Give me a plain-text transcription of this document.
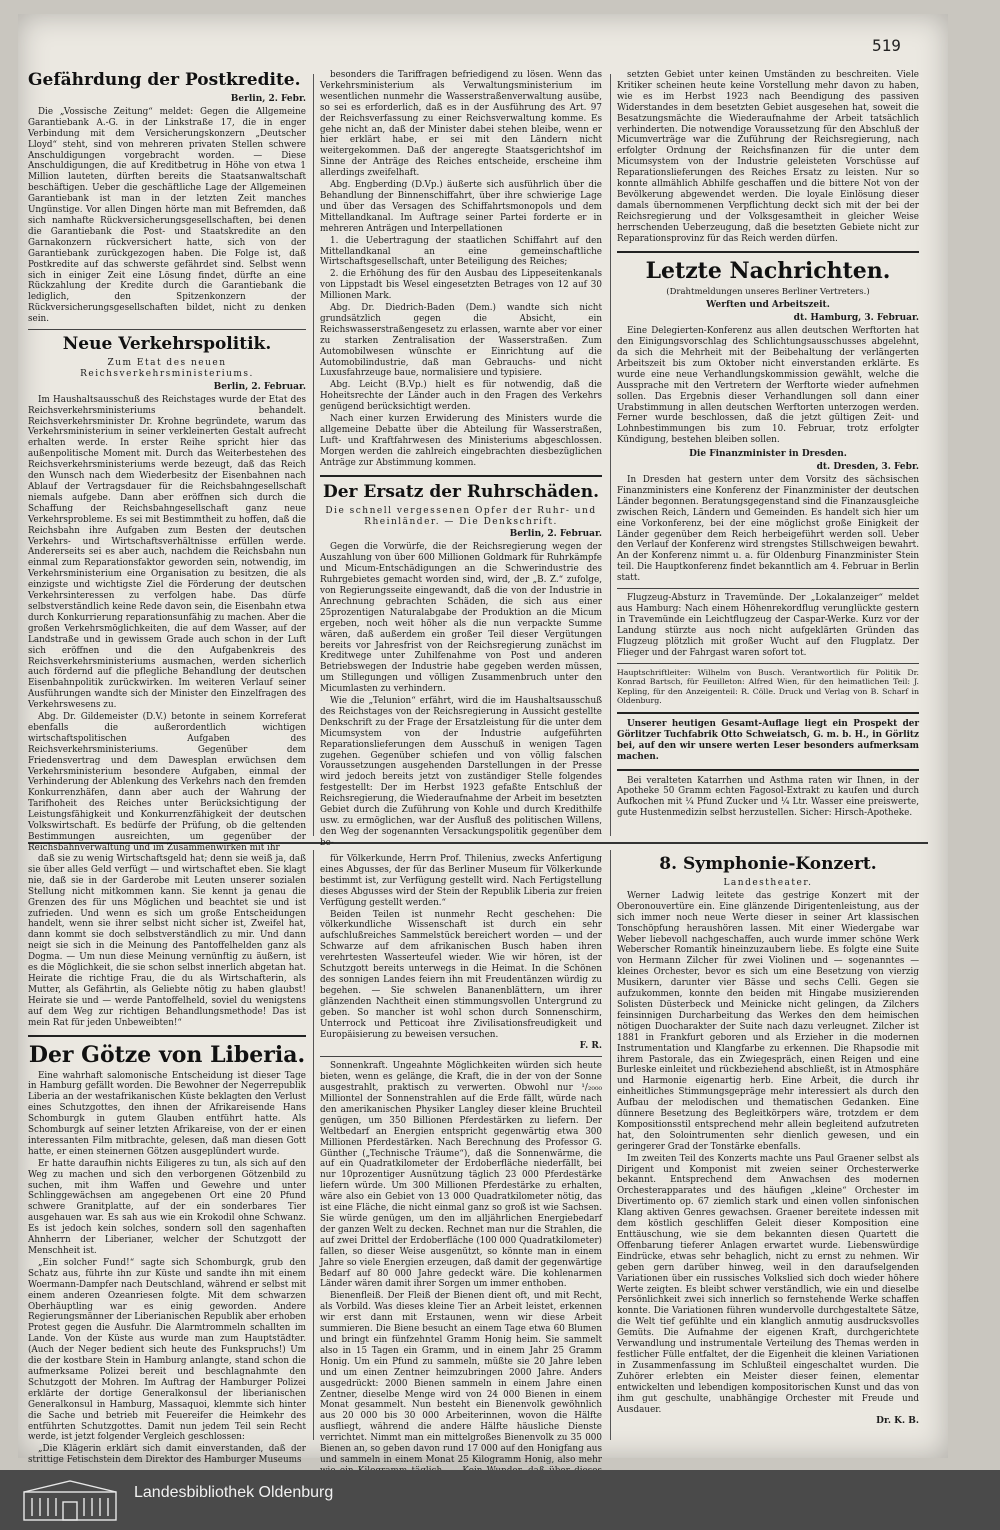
519
Gefährdung der Postkredite.
Berlin, 2. Febr.

Die „Vossische Zeitung“ meldet: Gegen die Allgemeine Garantiebank A.-G. in der Linkstraße 17, die in enger Verbindung mit dem Versicherungskonzern „Deutscher Lloyd“ steht, sind von mehreren privaten Stellen schwere Anschuldigungen vorgebracht worden. — Diese Anschuldigungen, die auf Kreditbetrug in Höhe von etwa 1 Million lauteten, dürften bereits die Staatsanwaltschaft beschäftigen. Ueber die geschäftliche Lage der Allgemeinen Garantiebank ist man in der letzten Zeit manches Ungünstige. Vor allen Dingen hörte man mit Befremden, daß sich namhafte Rückversicherungsgesellschaften, bei denen die Garantiebank die Post- und Staatskredite an den Garnakonzern rückversichert hatte, sich von der Garantiebank zurückgezogen haben. Die Folge ist, daß Postkredite auf das schwerste gefährdet sind. Selbst wenn sich in einiger Zeit eine Lösung findet, dürfte an eine Rückzahlung der Kredite durch die Garantiebank die lediglich, den Spitzenkonzern der Rückversicherungsgesellschaften bildet, nicht zu denken sein.

Neue Verkehrspolitik.
Zum Etat des neuen Reichsverkehrsministeriums.
Berlin, 2. Februar.

Im Haushaltsausschuß des Reichstages wurde der Etat des Reichsverkehrsministeriums behandelt. Reichsverkehrsminister Dr. Krohne begründete, warum das Verkehrsministerium in seiner verkleinerten Gestalt aufrecht erhalten werde. In erster Reihe spricht hier das außenpolitische Moment mit. Durch das Weiterbestehen des Reichsverkehrsministeriums werde bezeugt, daß das Reich den Wunsch nach dem Wiederbesitz der Eisenbahnen nach Ablauf der Vertragsdauer für die Reichsbahngesellschaft niemals aufgebe. Dann aber eröffnen sich durch die Schaffung der Reichsbahngesellschaft ganz neue Verkehrsprobleme. Es sei mit Bestimmtheit zu hoffen, daß die Reichsbahn ihre Aufgaben zum Besten der deutschen Verkehrs- und Wirtschaftsverhältnisse erfüllen werde. Andererseits sei es aber auch, nachdem die Reichsbahn nun einmal zum Reparationsfaktor geworden sein, notwendig, im Verkehrsministerium eine Organisation zu besitzen, die als einzigste und wichtigste Ziel die Förderung der deutschen Verkehrsinteressen zu verfolgen habe. Das dürfe selbstverständlich keine Rede davon sein, die Eisenbahn etwa durch Konkurrierung reparationsunfähig zu machen. Aber die großen Verkehrsmöglichkeiten, die auf dem Wasser, auf der Landstraße und in gewissem Grade auch schon in der Luft sich eröffnen und die den Aufgabenkreis des Reichsverkehrsministeriums ausmachen, werden sicherlich auch fördernd auf die pflegliche Behandlung der deutschen Eisenbahnpolitik zurückwirken. Im weiteren Verlauf seiner Ausführungen wandte sich der Minister den Einzelfragen des Verkehrswesens zu.

Abg. Dr. Gildemeister (D.V.) betonte in seinem Korreferat ebenfalls die außerordentlich wichtigen wirtschaftspolitischen Aufgaben des Reichsverkehrsministeriums. Gegenüber dem Friedensvertrag und dem Dawesplan erwüchsen dem Verkehrsministerium besondere Aufgaben, einmal der Verhinderung der Ablenkung des Verkehrs nach den fremden Konkurrenzhäfen, dann aber auch der Wahrung der Tarifhoheit des Reiches unter Berücksichtigung der Leistungsfähigkeit und Konkurrenzfähigkeit der deutschen Volkswirtschaft. Es bedürfe der Prüfung, ob die geltenden Bestimmungen ausreichten, um gegenüber der Reichsbahnverwaltung und im Zusammenwirken mit ihr

besonders die Tariffragen befriedigend zu lösen. Wenn das Verkehrsministerium als Verwaltungsministerium im wesentlichen nunmehr die Wasserstraßenverwaltung ausübe, so sei es erforderlich, daß es in der Ausführung des Art. 97 der Reichsverfassung zu einer Reichsverwaltung komme. Es gehe nicht an, daß der Minister dabei stehen bleibe, wenn er hier erklärt habe, er sei mit den Ländern nicht weitergekommen. Daß der angeregte Staatsgerichtshof im Sinne der Anträge des Reiches entscheide, erscheine ihm allerdings zweifelhaft.

Abg. Engberding (D.Vp.) äußerte sich ausführlich über die Behandlung der Binnenschiffahrt, über ihre schwierige Lage und über das Versagen des Schiffahrtsmonopols und dem Mittellandkanal. Im Auftrage seiner Partei forderte er in mehreren Anträgen und Interpellationen

1. die Uebertragung der staatlichen Schiffahrt auf den Mittellandkanal an eine gemeinschaftliche Wirtschaftsgesellschaft, unter Beteiligung des Reiches;

2. die Erhöhung des für den Ausbau des Lippeseitenkanals von Lippstadt bis Wesel eingesetzten Betrages von 12 auf 30 Millionen Mark.

Abg. Dr. Diedrich-Baden (Dem.) wandte sich nicht grundsätzlich gegen die Absicht, ein Reichswasserstraßengesetz zu erlassen, warnte aber vor einer zu starken Zentralisation der Wasserstraßen. Zum Automobilwesen wünschte er Einrichtung auf die Automobilindustrie, daß man Gebrauchs- und nicht Luxusfahrzeuge baue, normalisiere und typisiere.

Abg. Leicht (B.Vp.) hielt es für notwendig, daß die Hoheitsrechte der Länder auch in den Fragen des Verkehrs genügend berücksichtigt werden.

Nach einer kurzen Erwiderung des Ministers wurde die allgemeine Debatte über die Abteilung für Wasserstraßen, Luft- und Kraftfahrwesen des Ministeriums abgeschlossen. Morgen werden die zahlreich eingebrachten diesbezüglichen Anträge zur Abstimmung kommen.

Der Ersatz der Ruhrschäden.
Die schnell vergessenen Opfer der Ruhr- und Rheinländer. — Die Denkschrift.
Berlin, 2. Februar.

Gegen die Vorwürfe, die der Reichsregierung wegen der Auszahlung von über 600 Millionen Goldmark für Ruhrkämpfe und Micum-Entschädigungen an die Schwerindustrie des Ruhrgebietes gemacht worden sind, wird, der „B. Z.“ zufolge, von Regierungsseite eingewandt, daß die von der Industrie in Anrechnung gebrachten Schäden, die sich aus einer 25prozentigen Naturalabgabe der Produktion an die Micum ergeben, noch weit höher als die nun verpackte Summe wären, daß außerdem ein großer Teil dieser Vergütungen bereits vor Jahresfrist von der Reichsregierung zunächst im Kreditwege unter Zuhilfenahme von Post und anderen Betriebswegen der Industrie habe gegeben werden müssen, um Stillegungen und völligen Zusammenbruch unter den Micumlasten zu verhindern.

Wie die „Telunion“ erfährt, wird die im Haushaltsausschuß des Reichstages von der Reichsregierung in Aussicht gestellte Denkschrift zu der Frage der Ersatzleistung für die unter dem Micumsystem von der Industrie aufgeführten Reparationslieferungen dem Ausschuß in wenigen Tagen zugehen. Gegenüber schiefen und von völlig falschen Voraussetzungen ausgehenden Darstellungen in der Presse wird jedoch bereits jetzt von zuständiger Stelle folgendes festgestellt: Der im Herbst 1923 gefaßte Entschluß der Reichsregierung, die Wiederaufnahme der Arbeit im besetzten Gebiet durch die Zuführung von Kohle und durch Kredithilfe usw. zu ermöglichen, war der Ausfluß des politischen Willens, den Weg der sogenannten Versackungspolitik gegenüber dem be-

setzten Gebiet unter keinen Umständen zu beschreiten. Viele Kritiker scheinen heute keine Vorstellung mehr davon zu haben, wie es im Herbst 1923 nach Beendigung des passiven Widerstandes in dem besetzten Gebiet ausgesehen hat, soweit die Besatzungsmächte die Wiederaufnahme der Arbeit tatsächlich verhinderten. Die notwendige Voraussetzung für den Abschluß der Micumverträge war die Zuführung der Reichsregierung, nach erfolgter Ordnung der Reichsfinanzen für die unter dem Micumsystem von der Industrie geleisteten Vorschüsse auf Reparationslieferungen des Reiches Ersatz zu leisten. Nur so konnte allmählich Abhilfe geschaffen und die bittere Not von der Bevölkerung abgewendet werden. Die loyale Einlösung dieser damals übernommenen Verpflichtung deckt sich mit der bei der Reichsregierung und der Volksgesamtheit in gleicher Weise herrschenden Ueberzeugung, daß die besetzten Gebiete nicht zur Reparationsprovinz für das Reich werden dürfen.

Letzte Nachrichten.
(Drahtmeldungen unseres Berliner Vertreters.)
Werften und Arbeitszeit.
dt. Hamburg, 3. Februar.

Eine Delegierten-Konferenz aus allen deutschen Werftorten hat den Einigungsvorschlag des Schlichtungsausschusses abgelehnt, da sich die Mehrheit mit der Beibehaltung der verlängerten Arbeitszeit bis zum Oktober nicht einverstanden erklärte. Es wurde eine neue Verhandlungskommission gewählt, welche die Aussprache mit den Vertretern der Werftorte wieder aufnehmen sollen. Das Ergebnis dieser Verhandlungen soll dann einer Urabstimmung in allen deutschen Werftorten unterzogen werden. Ferner wurde beschlossen, daß die jetzt gültigen Zeit- und Lohnbestimmungen bis zum 10. Februar, trotz erfolgter Kündigung, bestehen bleiben sollen.

Die Finanzminister in Dresden.
dt. Dresden, 3. Febr.

In Dresden hat gestern unter dem Vorsitz des sächsischen Finanzministers eine Konferenz der Finanzminister der deutschen Länder begonnen. Beratungsgegenstand sind die Finanzausgleiche zwischen Reich, Ländern und Gemeinden. Es handelt sich hier um eine Vorkonferenz, bei der eine möglichst große Einigkeit der Länder gegenüber dem Reich herbeigeführt werden soll. Ueber den Verlauf der Konferenz wird strengstes Stillschweigen bewahrt. An der Konferenz nimmt u. a. für Oldenburg Finanzminister Stein teil. Die Hauptkonferenz findet bekanntlich am 4. Februar in Berlin statt.

Flugzeug-Absturz in Travemünde. Der „Lokalanzeiger“ meldet aus Hamburg: Nach einem Höhenrekordflug verunglückte gestern in Travemünde ein Leichtflugzeug der Caspar-Werke. Kurz vor der Landung stürzte aus noch nicht aufgeklärten Gründen das Flugzeug plötzlich mit großer Wucht auf den Flugplatz. Der Flieger und der Fahrgast waren sofort tot.

Hauptschriftleiter: Wilhelm von Busch. Verantwortlich für Politik Dr. Konrad Bartsch, für Feuilleton: Alfred Wien, für den heimatlichen Teil: J. Kepling, für den Anzeigenteil: R. Cölle. Druck und Verlag von B. Scharf in Oldenburg.

Unserer heutigen Gesamt-Auflage liegt ein Prospekt der Görlitzer Tuchfabrik Otto Schweiatsch, G. m. b. H., in Görlitz bei, auf den wir unsere werten Leser besonders aufmerksam machen.

Bei veralteten Katarrhen und Asthma raten wir Ihnen, in der Apotheke 50 Gramm echten Fagosol-Extrakt zu kaufen und durch Aufkochen mit ¼ Pfund Zucker und ¼ Ltr. Wasser eine preiswerte, gute Hustenmedizin selbst herzustellen. Sicher: Hirsch-Apotheke.

daß sie zu wenig Wirtschaftsgeld hat; denn sie weiß ja, daß sie über alles Geld verfügt — und wirtschaftet eben. Sie klagt nie, daß sie in der Garderobe mit Leuten unserer sozialen Stellung nicht mitkommen kann. Sie kennt ja genau die Grenzen des für uns Möglichen und beachtet sie und ist zufrieden. Und wenn es sich um große Entscheidungen handelt, wenn sie ihrer selbst nicht sicher ist, Zweifel hat, dann kommt sie doch selbstverständlich zu mir. Und dann neigt sie sich in die Meinung des Pantoffelhelden ganz als Dogma. — Um nun diese Meinung vernünftig zu äußern, ist es die Möglichkeit, die sie schon selbst innerlich abgetan hat. Heirate die richtige Frau, die du als Wirtschafterin, als Mutter, als Gefährtin, als Geliebte nötig zu haben glaubst! Heirate sie und — werde Pantoffelheld, soviel du wenigstens auf dem Weg zur richtigen Behandlungsmethode! Das ist mein Rat für jeden Unbeweibten!“

Der Götze von Liberia.

Eine wahrhaft salomonische Entscheidung ist dieser Tage in Hamburg gefällt worden. Die Bewohner der Negerrepublik Liberia an der westafrikanischen Küste beklagten den Verlust eines Schutzgottes, den ihnen der Afrikareisende Hans Schomburgk in gutem Glauben entführt hatte. Als Schomburgk auf seiner letzten Afrikareise, von der er einen interessanten Film mitbrachte, gelesen, daß man diesen Gott hatte, er einen steinernen Götzen ausgeplündert wurde.

Er hatte daraufhin nichts Eiligeres zu tun, als sich auf den Weg zu machen und sich den verborgenen Götzenbild zu suchen, mit ihm Waffen und Gewehre und unter Schlinggewächsen am angegebenen Ort eine 20 Pfund schwere Granitplatte, auf der ein sonderbares Tier ausgehauen war. Es sah aus wie ein Krokodil ohne Schwanz. Es ist jedoch kein solches, sondern soll den sagenhaften Ahnherrn der Liberianer, welcher der Schutzgott der Menschheit ist.

„Ein solcher Fund!“ sagte sich Schomburgk, grub den Schatz aus, führte ihn zur Küste und sandte ihn mit einem Woermann-Dampfer nach Deutschland, während er selbst mit einem anderen Ozeanriesen folgte. Mit dem schwarzen Oberhäuptling war es einig geworden. Andere Regierungsmänner der Liberianischen Republik aber erhoben Protest gegen die Ausfuhr. Die Alarmtrommeln schallten im Lande. Von der Küste aus wurde man zum Hauptstädter. (Auch der Neger bedient sich heute des Funkspruchs!) Um die der kostbare Stein in Hamburg anlangte, stand schon die aufmerksame Polizei bereit und beschlagnahmte den Schutzgott der Mohren. Im Auftrag der Hamburger Polizei erklärte der dortige Generalkonsul der liberianischen Generalkonsul in Hamburg, Massaquoi, klemmte sich hinter die Sache und betrieb mit Feuereifer die Heimkehr des entführten Schutzgottes. Damit nun jedem Teil sein Recht werde, ist jetzt folgender Vergleich geschlossen:

„Die Klägerin erklärt sich damit einverstanden, daß der strittige Fetischstein dem Direktor des Hamburger Museums

für Völkerkunde, Herrn Prof. Thilenius, zwecks Anfertigung eines Abgusses, der für das Berliner Museum für Völkerkunde bestimmt ist, zur Verfügung gestellt wird. Nach Fertigstellung dieses Abgusses wird der Stein der Republik Liberia zur freien Verfügung gestellt werden.“

Beiden Teilen ist nunmehr Recht geschehen: Die völkerkundliche Wissenschaft ist durch ein sehr aufschlußreiches Sammelstück bereichert worden — und der Schwarze auf dem afrikanischen Busch haben ihren verehrtesten Wasserteufel wieder. Wie wir hören, ist der Schutzgott bereits unterwegs in die Heimat. In die Schönen des sonnigen Landes feiern ihn mit Freudentänzen würdig zu begehen. — Sie schwelen Bananenblättern, um ihrer glänzenden Nachtheit einen stimmungsvollen Untergrund zu geben. So mancher ist wohl schon durch Sonnenschirm, Unterrock und Petticoat ihre Zivilisationsfreudigkeit und Europäisierung zu beweisen versuchen.

F. R.

Sonnenkraft. Ungeahnte Möglichkeiten würden sich heute bieten, wenn es gelänge, die Kraft, die in der von der Sonne ausgestrahlt, praktisch zu verwerten. Obwohl nur ¹/₂₀₀₀ Milliontel der Sonnenstrahlen auf die Erde fällt, würde nach den amerikanischen Physiker Langley dieser kleine Bruchteil genügen, um 350 Billionen Pferdestärken zu liefern. Der Weltbedarf an Energien entspricht gegenwärtig etwa 300 Millionen Pferdestärken. Nach Berechnung des Professor G. Günther („Technische Träume“), daß die Sonnenwärme, die auf ein Quadratkilometer der Erdoberfläche niederfällt, bei nur 10prozentiger Ausnützung täglich 23 000 Pferdestärke liefern würde. Um 300 Millionen Pferdestärke zu erhalten, wäre also ein Gebiet von 13 000 Quadratkilometer nötig, das ist eine Fläche, die nicht einmal ganz so groß ist wie Sachsen. Sie würde genügen, um den im alljährlichen Energiebedarf der ganzen Welt zu decken. Rechnet man nur die Strahlen, die auf zwei Drittel der Erdoberfläche (100 000 Quadratkilometer) fallen, so dieser Weise ausgenützt, so könnte man in einem Jahre so viele Energien erzeugen, daß damit der gegenwärtige Bedarf auf 80 000 Jahre gedeckt wäre. Die kohlenarmen Länder wären damit ihrer Sorgen um immer enthoben.

Bienenfleiß. Der Fleiß der Bienen dient oft, und mit Recht, als Vorbild. Was dieses kleine Tier an Arbeit leistet, erkennen wir erst dann mit Erstaunen, wenn wir diese Arbeit summieren. Die Biene besucht an einem Tage etwa 60 Blumen und bringt ein fünfzehntel Gramm Honig heim. Sie sammelt also in 15 Tagen ein Gramm, und in einem Jahr 25 Gramm Honig. Um ein Pfund zu sammeln, müßte sie 20 Jahre leben und um einen Zentner heimzubringen 2000 Jahre. Anders ausgedrückt: 2000 Bienen sammeln in einem Jahre einen Zentner, dieselbe Menge wird von 24 000 Bienen in einem Monat gesammelt. Nun besteht ein Bienenvolk gewöhnlich aus 20 000 bis 30 000 Arbeiterinnen, wovon die Hälfte ausfliegt, während die andere Hälfte häusliche Dienste verrichtet. Nimmt man ein mittelgroßes Bienenvolk zu 35 000 Bienen an, so geben davon rund 17 000 auf den Honigfang aus und sammeln in einem Monat 25 Kilogramm Honig, also mehr

8. Symphonie-Konzert.
Landestheater.

Werner Ladwig leitete das gestrige Konzert mit der Oberonouvertüre ein. Eine glänzende Dirigentenleistung, aus der sich immer noch neue Werte dieser in seiner Art klassischen Tonschöpfung heraushören lassen. Mit einer Wiedergabe war Weber liebevoll nachgeschaffen, auch wurde immer schöne Werk Weberscher Romantik hineinzuzaubern liebe. Es folgte eine Suite von Hermann Zilcher für zwei Violinen und — sogenanntes — kleines Orchester, bevor es sich um eine Besetzung von vierzig Musikern, darunter vier Bässe und sechs Celli. Gegen sie aufzukommen, konnte den beiden mit Hingabe musizierenden Solisten Düsterbeck und Meinicke nicht gelingen, da Zilchers feinsinnigen Durcharbeitung das Werkes den dem heimischen nötigen Duocharakter der Suite nach dazu verleugnet. Zilcher ist 1881 in Frankfurt geboren und als Erzieher in die modernen Instrumentation und Klangfarbe zu erkennen. Die Rhapsodie mit ihrem Pastorale, das ein Zwiegespräch, einen Reigen und eine Burleske einleitet und rückbeziehend abschließt, ist in Atmosphäre und Harmonie eigenartig herb. Eine Arbeit, die durch ihr einheitliches Stimmungsgepräge mehr interessiert als durch den Aufbau der melodischen und thematischen Gedanken. Eine dünnere Besetzung des Begleitkörpers wäre, trotzdem er dem Kompositionsstil entsprechend mehr allein begleitend aufzutreten hat, den Solointrumenten sehr dienlich gewesen, und ein geringerer Grad der Tonstärke ebenfalls.

Im zweiten Teil des Konzerts machte uns Paul Graener selbst als Dirigent und Komponist mit zweien seiner Orchesterwerke bekannt. Entsprechend dem Anwachsen des modernen Orchesterapparates und des häufigen „kleine“ Orchester im Divertimento op. 67 ziemlich stark und einen vollen sinfonischen Klang aktiven Genres gewachsen. Graener bereitete indessen mit dem köstlich geschliffen Geleit dieser Komposition eine Enttäuschung, wie sie dem bekannten diesen Quartett die Offenbarung tieferer Anlagen erwartet wurde. Liebenswürdige Eindrücke, etwas sehr behaglich, nicht zu ernst zu nehmen. Wir geben gern darüber hinweg, weil in den daraufselgenden Variationen über ein russisches Volkslied sich doch wieder höhere Werte zeigten. Es bleibt schwer verständlich, wie ein und dieselbe Persönlichkeit zwei sich innerlich so fernstehende Werke schaffen konnte. Die Variationen führen wundervolle durchgestaltete Sätze, die Welt tief gefühlte und ein klanglich anmutig ausdrucksvolles Gemüts. Die Aufnahme der eigenen Kraft, durchgerichtete Verwandlung und instrumentale Verteilung des Themas werden in festlicher Fülle entfaltet, der die Eigenheit die kleinen Variationen in Zusammenfassung im Schlußteil eingeschaltet wurden. Die Zuhörer erlebten ein Meister dieser feinen, elementar entwickelten und lebendigen kompositorischen Kunst und das von ihm gut geschulte, unabhängige Orchester mit Freude und Ausdauer.

Dr. K. B.
Landesbibliothek Oldenburg
